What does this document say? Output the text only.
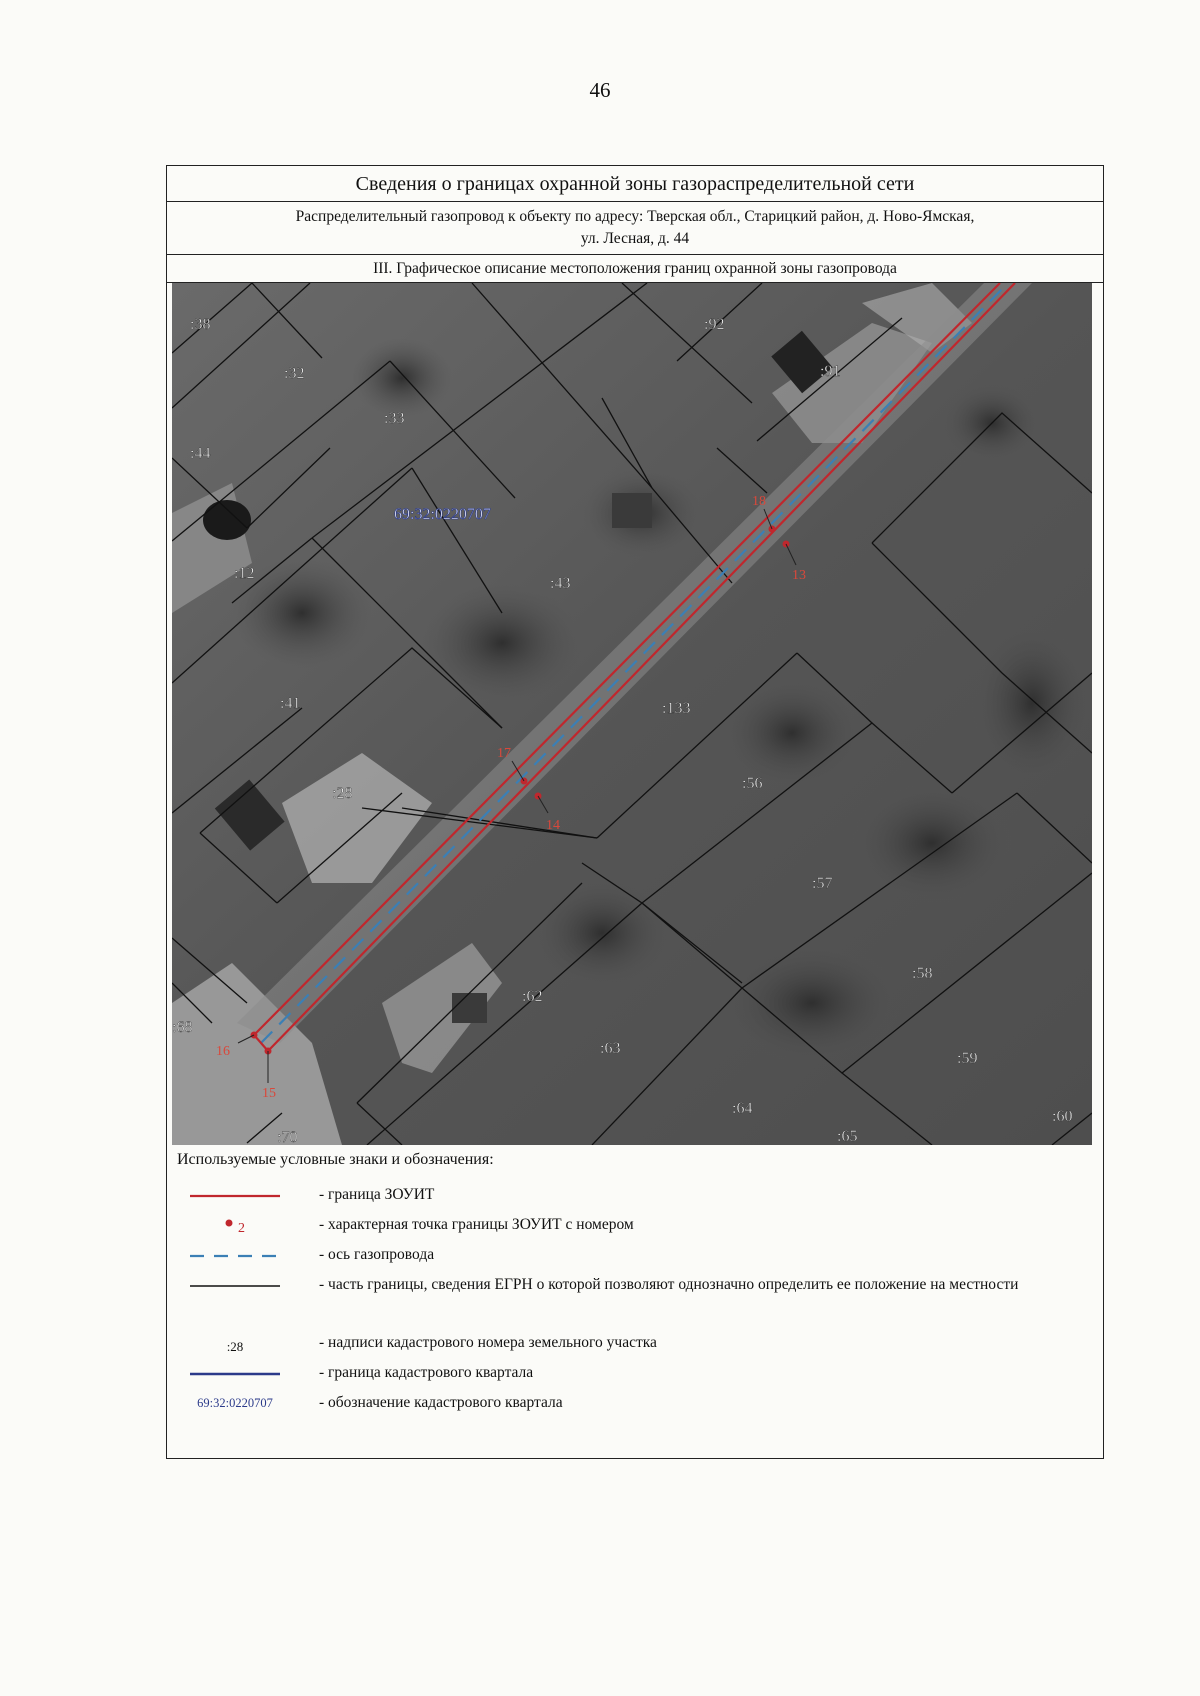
46
Сведения о границах охранной зоны газораспределительной сети
Распределительный газопровод к объекту по адресу: Тверская обл., Старицкий район, д. Ново-Ямская,
ул. Лесная, д. 44
III. Графическое описание местоположения границ охранной зоны газопровода
18
13
17
14
16
15
:38
:32
:33
:92
:91
:44
:12
:43
:41
:28
:133
:56
:57
:58
:59
:62
:63
:64
:65
:68
:70
:60
69:32:0220707
Используемые условные знаки и обозначения:
- граница ЗОУИТ
2	- характерная точка границы ЗОУИТ с номером
- ось газопровода
- часть границы, сведения ЕГРН о которой позволяют однозначно определить ее положение на местности
:28	- надписи кадастрового номера земельного участка
- граница кадастрового квартала
69:32:0220707	- обозначение кадастрового квартала
